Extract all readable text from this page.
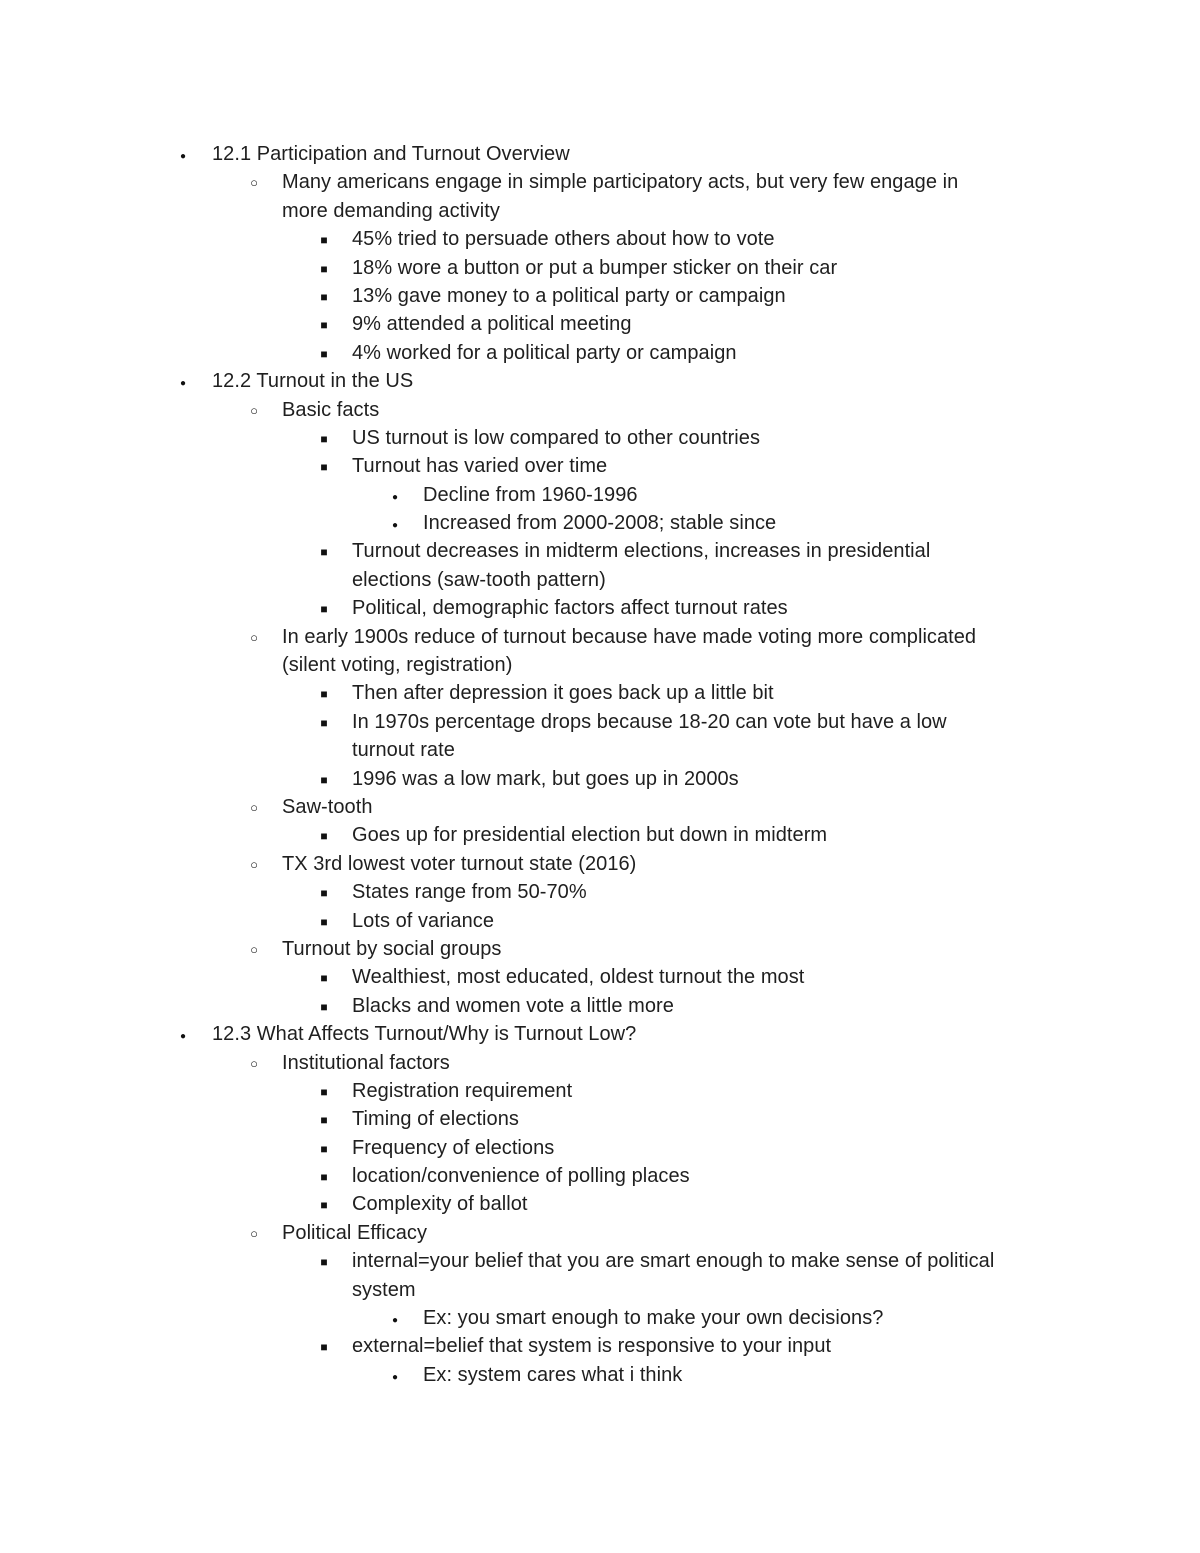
●
12.1 Participation and Turnout Overview
○
Many americans engage in simple participatory acts, but very few engage in
more demanding activity
■
45% tried to persuade others about how to vote
■
18% wore a button or put a bumper sticker on their car
■
13% gave money to a political party or campaign
■
9% attended a political meeting
■
4% worked for a political party or campaign
●
12.2 Turnout in the US
○
Basic facts
■
US turnout is low compared to other countries
■
Turnout has varied over time
●
Decline from 1960-1996
●
Increased from 2000-2008; stable since
■
Turnout decreases in midterm elections, increases in presidential
elections (saw-tooth pattern)
■
Political, demographic factors affect turnout rates
○
In early 1900s reduce of turnout because have made voting more complicated
(silent voting, registration)
■
Then after depression it goes back up a little bit
■
In 1970s percentage drops because 18-20 can vote but have a low
turnout rate
■
1996 was a low mark, but goes up in 2000s
○
Saw-tooth
■
Goes up for presidential election but down in midterm
○
TX 3rd lowest voter turnout state (2016)
■
States range from 50-70%
■
Lots of variance
○
Turnout by social groups
■
Wealthiest, most educated, oldest turnout the most
■
Blacks and women vote a little more
●
12.3 What Affects Turnout/Why is Turnout Low?
○
Institutional factors
■
Registration requirement
■
Timing of elections
■
Frequency of elections
■
location/convenience of polling places
■
Complexity of ballot
○
Political Efficacy
■
internal=your belief that you are smart enough to make sense of political
system
●
Ex: you smart enough to make your own decisions?
■
external=belief that system is responsive to your input
●
Ex: system cares what i think
